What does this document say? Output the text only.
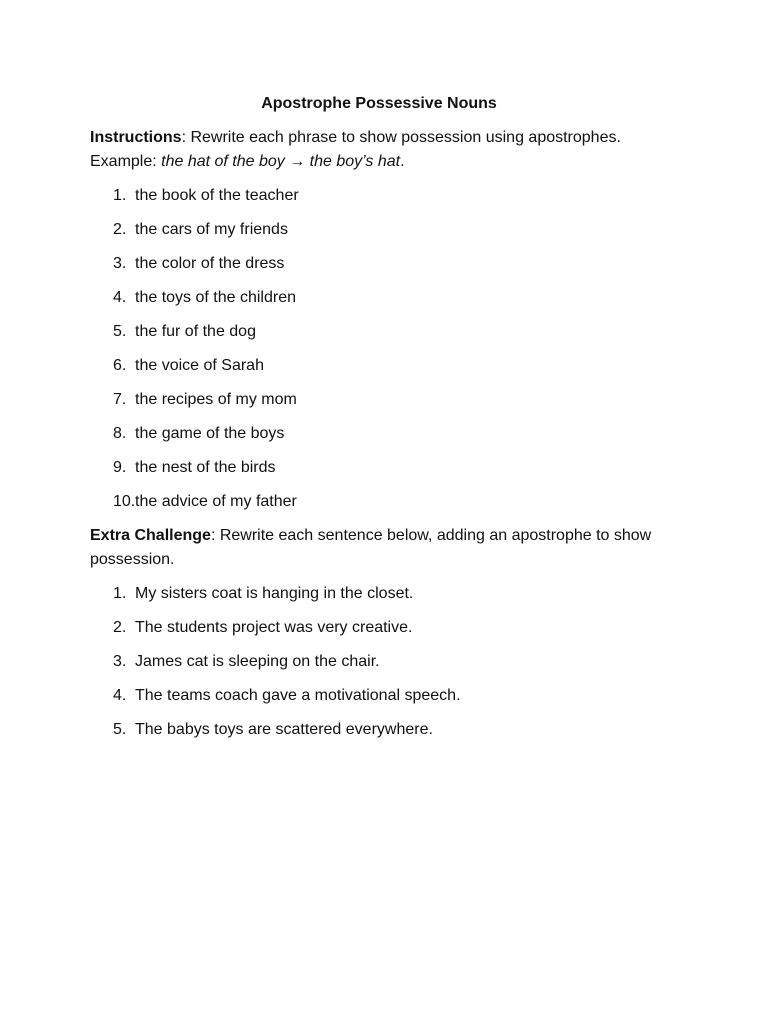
Apostrophe Possessive Nouns
Instructions: Rewrite each phrase to show possession using apostrophes.
Example: the hat of the boy → the boy’s hat.
1. the book of the teacher
2. the cars of my friends
3. the color of the dress
4. the toys of the children
5. the fur of the dog
6. the voice of Sarah
7. the recipes of my mom
8. the game of the boys
9. the nest of the birds
10. the advice of my father
Extra Challenge: Rewrite each sentence below, adding an apostrophe to show possession.
1. My sisters coat is hanging in the closet.
2. The students project was very creative.
3. James cat is sleeping on the chair.
4. The teams coach gave a motivational speech.
5. The babys toys are scattered everywhere.
